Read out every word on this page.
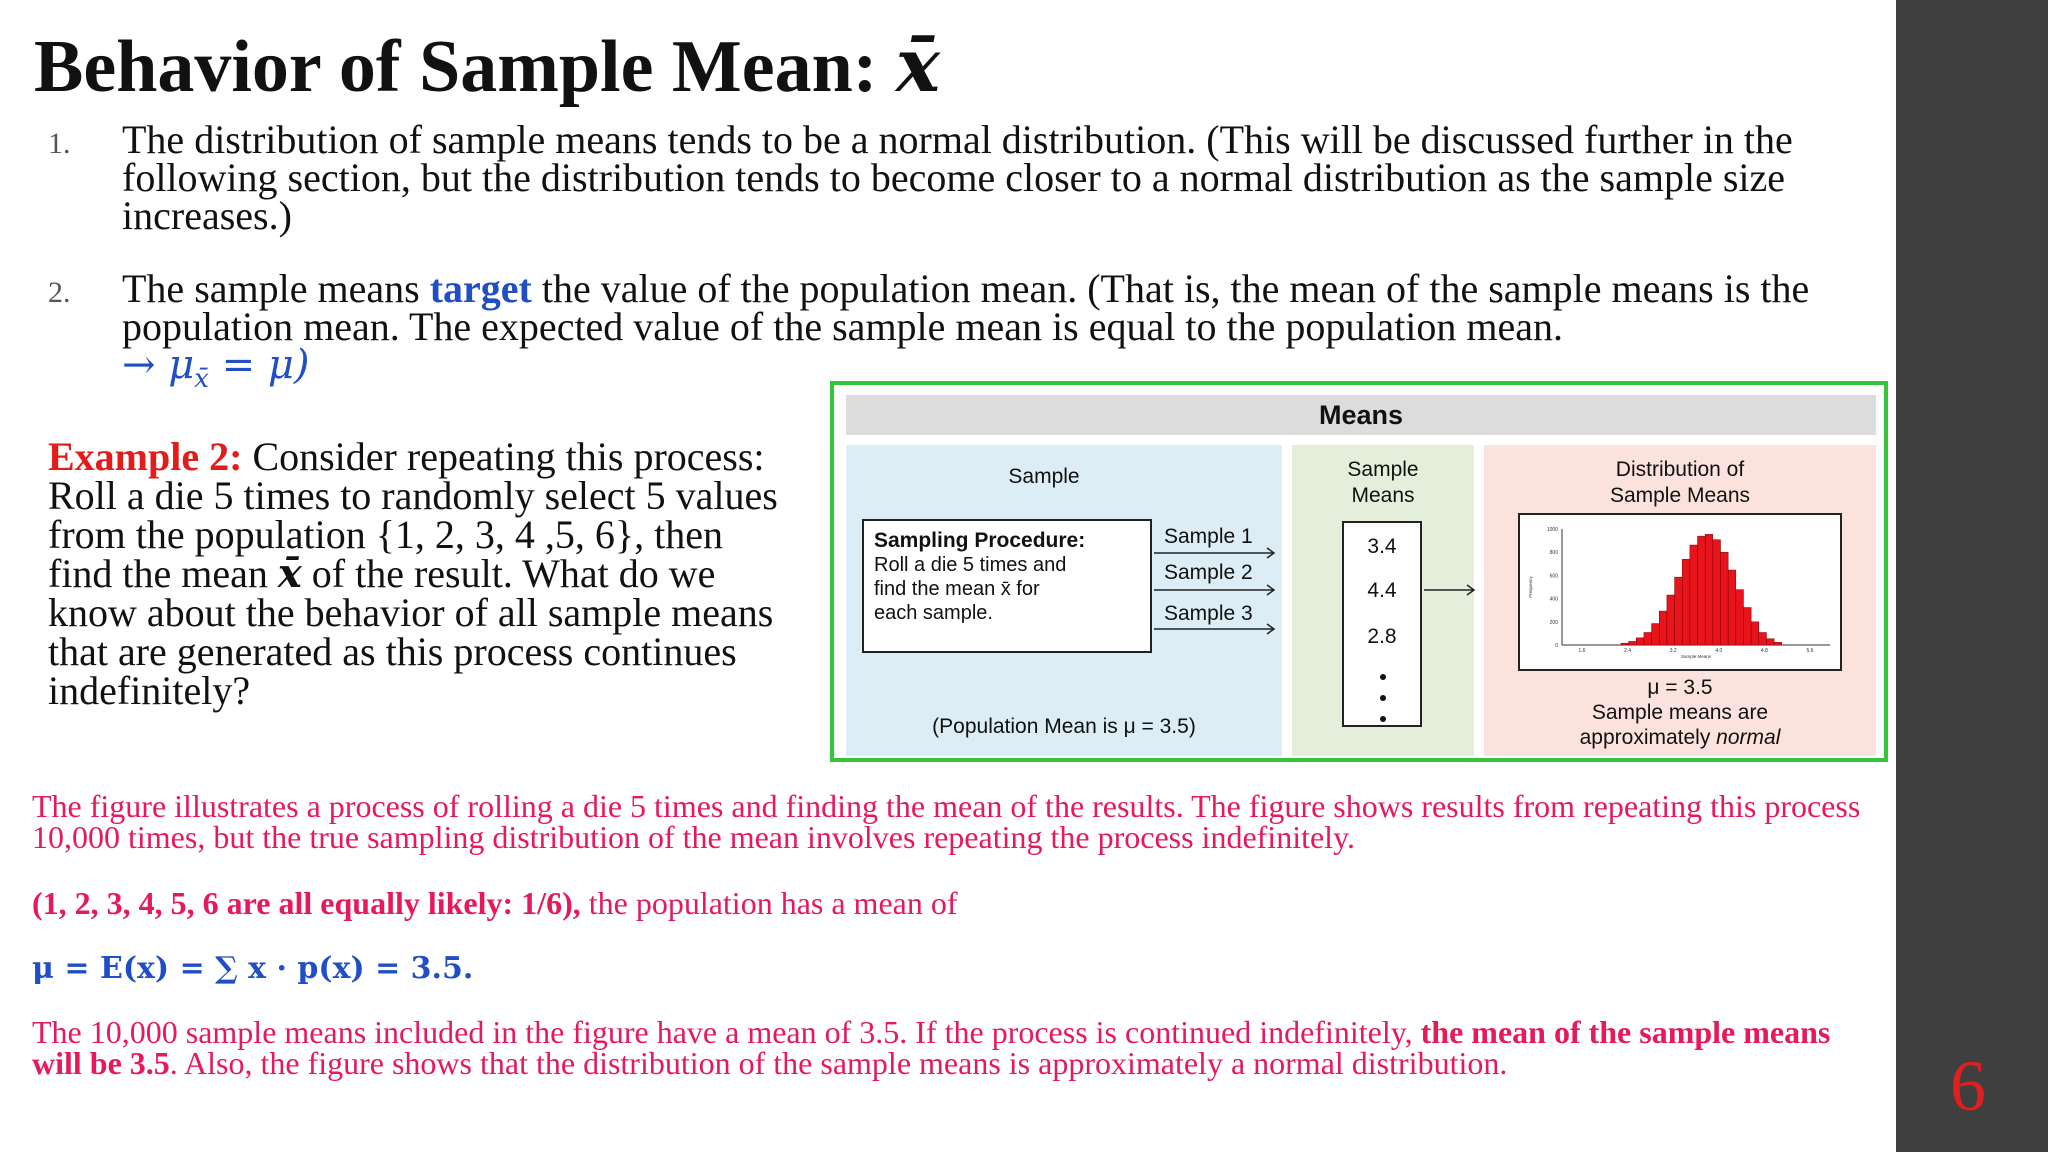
Behavior of Sample Mean: x̄
1. The distribution of sample means tends to be a normal distribution. (This will be discussed further in the following section, but the distribution tends to become closer to a normal distribution as the sample size increases.)
2. The sample means target the value of the population mean. (That is, the mean of the sample means is the population mean. The expected value of the sample mean is equal to the population mean.
→ $\mu_{x̄} = \mu$)
Example 2: Consider repeating this process: Roll a die 5 times to randomly select 5 values from the population {1, 2, 3, 4 ,5, 6}, then find the mean x̄ of the result. What do we know about the behavior of all sample means that are generated as this process continues indefinitely?
Means
Sample
Sampling Procedure:
Roll a die 5 times and
find the mean x̄ for
each sample.
Sample 1
Sample 2
Sample 3
(Population Mean is μ = 3.5)
Sample
Means
3.4
4.4
2.8
Distribution of
Sample Means
1000
800
600
400
200
0
1.6	2.4	3.2	4.0	4.8	5.6
Sample Means
Frequency
μ = 3.5
Sample means are
approximately normal
The figure illustrates a process of rolling a die 5 times and finding the mean of the results. The figure shows results from repeating this process 10,000 times, but the true sampling distribution of the mean involves repeating the process indefinitely.
(1, 2, 3, 4, 5, 6 are all equally likely: 1/6), the population has a mean of
μ = E(x) = ∑ x · p(x) = 3.5.
The 10,000 sample means included in the figure have a mean of 3.5. If the process is continued indefinitely, the mean of the sample means will be 3.5. Also, the figure shows that the distribution of the sample means is approximately a normal distribution.	6
